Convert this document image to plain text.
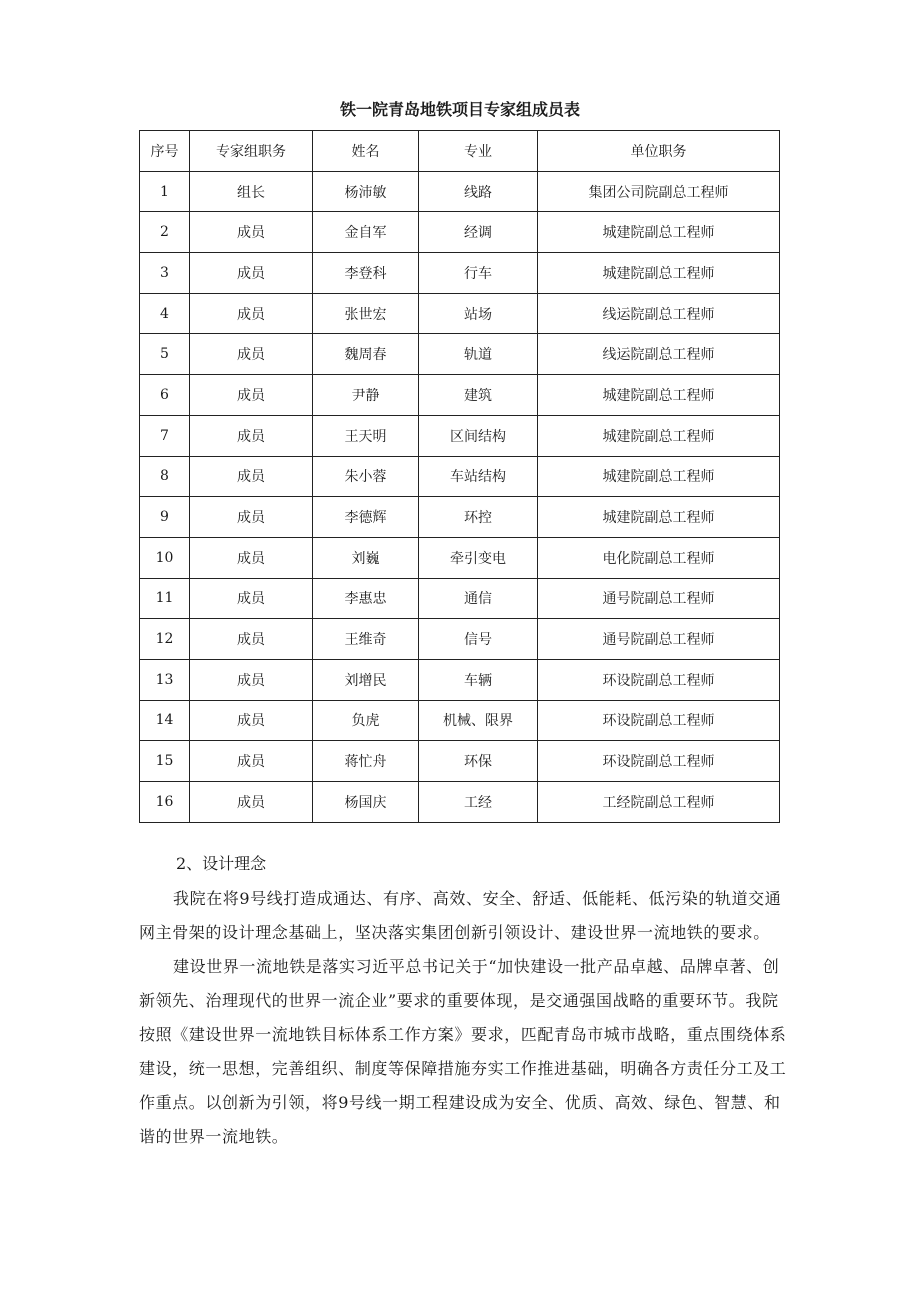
铁一院青岛地铁项目专家组成员表
序号	专家组职务	姓名	专业	单位职务
1	组长	杨沛敏	线路	集团公司院副总工程师
2	成员	金自军	经调	城建院副总工程师
3	成员	李登科	行车	城建院副总工程师
4	成员	张世宏	站场	线运院副总工程师
5	成员	魏周春	轨道	线运院副总工程师
6	成员	尹静	建筑	城建院副总工程师
7	成员	王天明	区间结构	城建院副总工程师
8	成员	朱小蓉	车站结构	城建院副总工程师
9	成员	李德辉	环控	城建院副总工程师
10	成员	刘巍	牵引变电	电化院副总工程师
11	成员	李惠忠	通信	通号院副总工程师
12	成员	王维奇	信号	通号院副总工程师
13	成员	刘增民	车辆	环设院副总工程师
14	成员	负虎	机械、限界	环设院副总工程师
15	成员	蒋忙舟	环保	环设院副总工程师
16	成员	杨国庆	工经	工经院副总工程师
2、设计理念

我院在将9号线打造成通达、有序、高效、安全、舒适、低能耗、低污染的轨道交通网主骨架的设计理念基础上，坚决落实集团创新引领设计、建设世界一流地铁的要求。

建设世界一流地铁是落实习近平总书记关于“加快建设一批产品卓越、品牌卓著、创新领先、治理现代的世界一流企业”要求的重要体现，是交通强国战略的重要环节。我院按照《建设世界一流地铁目标体系工作方案》要求，匹配青岛市城市战略，重点围绕体系建设，统一思想，完善组织、制度等保障措施夯实工作推进基础，明确各方责任分工及工作重点。以创新为引领，将9号线一期工程建设成为安全、优质、高效、绿色、智慧、和谐的世界一流地铁。
